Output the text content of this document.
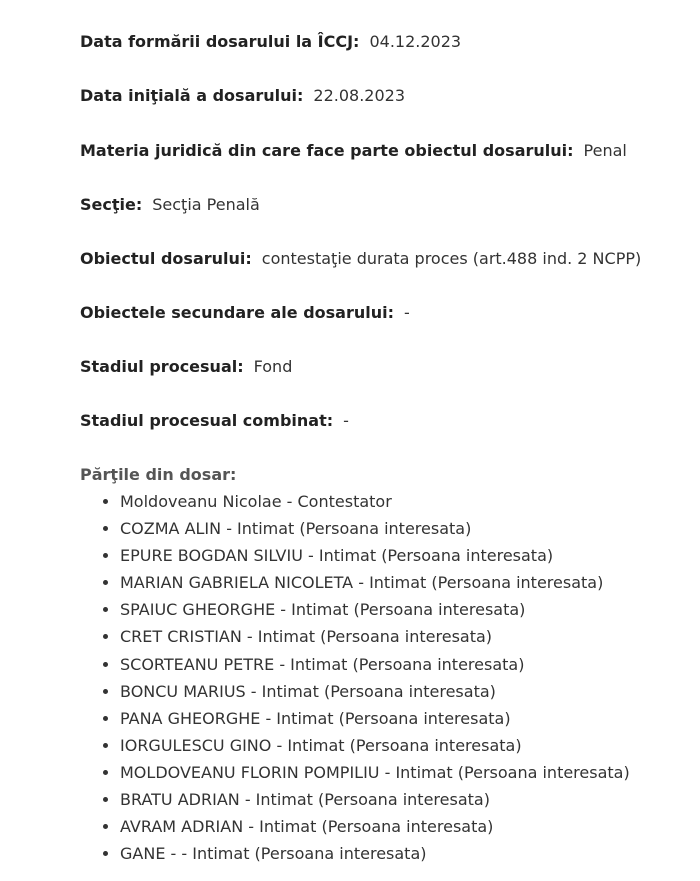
Data formării dosarului la ÎCCJ: 04.12.2023
Data iniţială a dosarului: 22.08.2023
Materia juridică din care face parte obiectul dosarului: Penal
Secţie: Secţia Penală
Obiectul dosarului: contestaţie durata proces (art.488 ind. 2 NCPP)
Obiectele secundare ale dosarului: -
Stadiul procesual: Fond
Stadiul procesual combinat: -
Părţile din dosar:
• Moldoveanu Nicolae - Contestator
• COZMA ALIN - Intimat (Persoana interesata)
• EPURE BOGDAN SILVIU - Intimat (Persoana interesata)
• MARIAN GABRIELA NICOLETA - Intimat (Persoana interesata)
• SPAIUC GHEORGHE - Intimat (Persoana interesata)
• CRET CRISTIAN - Intimat (Persoana interesata)
• SCORTEANU PETRE - Intimat (Persoana interesata)
• BONCU MARIUS - Intimat (Persoana interesata)
• PANA GHEORGHE - Intimat (Persoana interesata)
• IORGULESCU GINO - Intimat (Persoana interesata)
• MOLDOVEANU FLORIN POMPILIU - Intimat (Persoana interesata)
• BRATU ADRIAN - Intimat (Persoana interesata)
• AVRAM ADRIAN - Intimat (Persoana interesata)
• GANE - - Intimat (Persoana interesata)
